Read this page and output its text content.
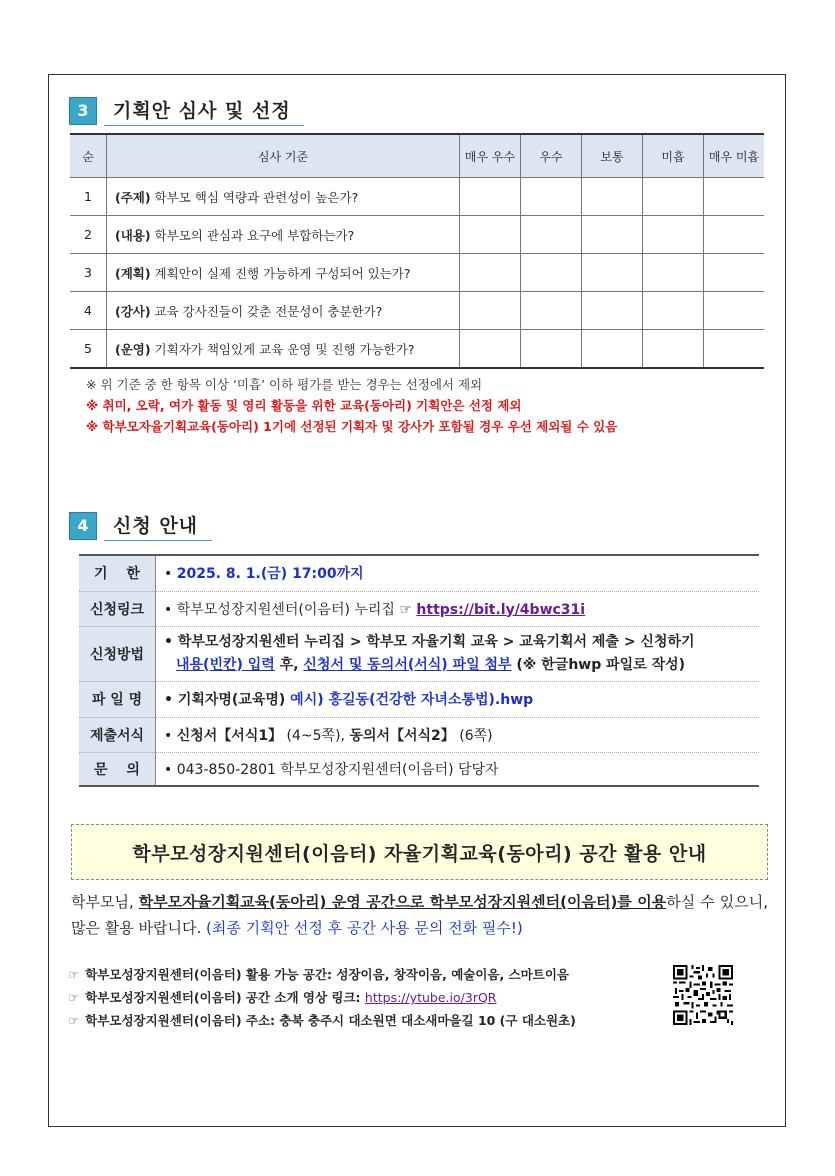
3	기획안 심사 및 선정
순	심사 기준	매우 우수	우수	보통	미흡	매우 미흡
1	(주제) 학부모 핵심 역량과 관련성이 높은가?					
2	(내용) 학부모의 관심과 요구에 부합하는가?					
3	(계획) 계획안이 실제 진행 가능하게 구성되어 있는가?					
4	(강사) 교육 강사진들이 갖춘 전문성이 충분한가?					
5	(운영) 기획자가 책임있게 교육 운영 및 진행 가능한가?					
※ 위 기준 중 한 항목 이상 ‘미흡’ 이하 평가를 받는 경우는 선정에서 제외
※ 취미, 오락, 여가 활동 및 영리 활동을 위한 교육(동아리) 기획안은 선정 제외
※ 학부모자율기획교육(동아리) 1기에 선정된 기획자 및 강사가 포함될 경우 우선 제외될 수 있음
4	신청 안내
기　 한	• 2025. 8. 1.(금) 17:00까지
신청링크	• 학부모성장지원센터(이음터) 누리집 ☞ https://bit.ly/4bwc31i
신청방법	• 학부모성장지원센터 누리집 > 학부모 자율기획 교육 > 교육기획서 제출 > 신청하기
내용(빈칸) 입력 후, 신청서 및 동의서(서식) 파일 첨부 (※ 한글hwp 파일로 작성)

파 일 명	• 기획자명(교육명) 예시) 홍길동(건강한 자녀소통법).hwp
제출서식	• 신청서【서식1】 (4~5쪽), 동의서【서식2】 (6쪽)
문　 의	• 043-850-2801 학부모성장지원센터(이음터) 담당자
학부모성장지원센터(이음터) 자율기획교육(동아리) 공간 활용 안내
학부모님, 학부모자율기획교육(동아리) 운영 공간으로 학부모성장지원센터(이음터)를 이용하실 수 있으니, 많은 활용 바랍니다. (최종 기획안 선정 후 공간 사용 문의 전화 필수!)
☞ 학부모성장지원센터(이음터) 활용 가능 공간: 성장이음, 창작이음, 예술이음, 스마트이음
☞ 학부모성장지원센터(이음터) 공간 소개 영상 링크: https://ytube.io/3rQR
☞ 학부모성장지원센터(이음터) 주소: 충북 충주시 대소원면 대소새마을길 10 (구 대소원초)
